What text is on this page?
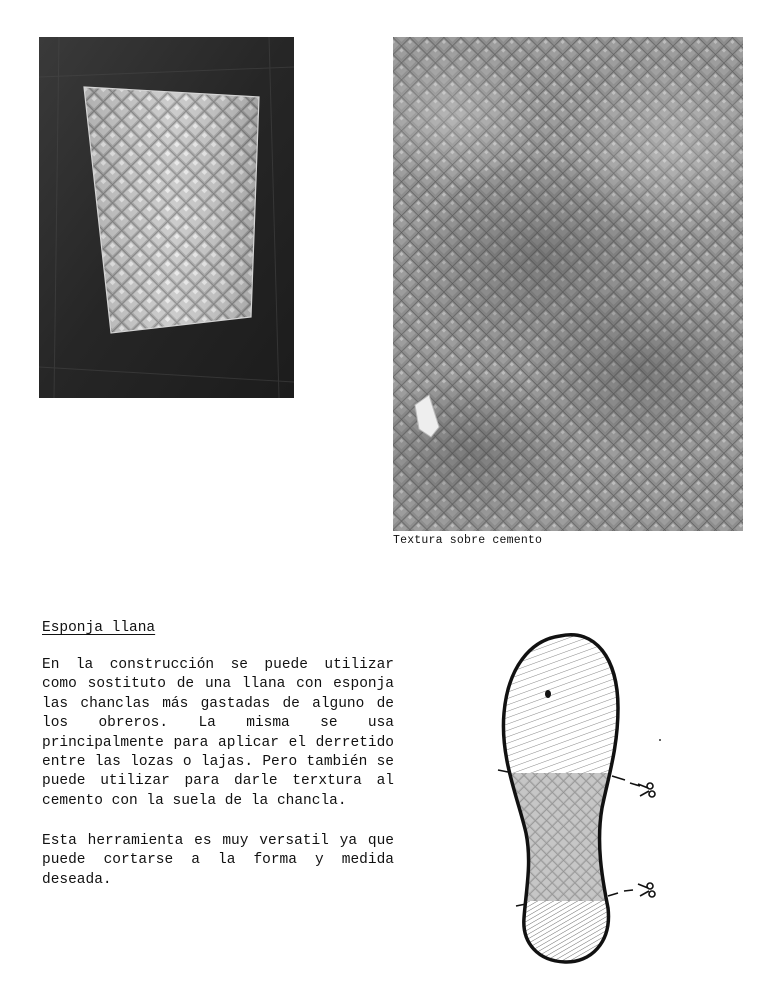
Textura sobre cemento
Esponja llana

En la construcción se puede utilizar como sostituto de una llana con esponja las chanclas más gastadas de alguno de los obreros. La misma se usa principalmente para aplicar el derretido entre las lozas o lajas. Pero también se puede utilizar para darle terxtura al cemento con la suela de la chancla.

Esta herramienta es muy versatil ya que puede cortarse a la forma y medida deseada.
